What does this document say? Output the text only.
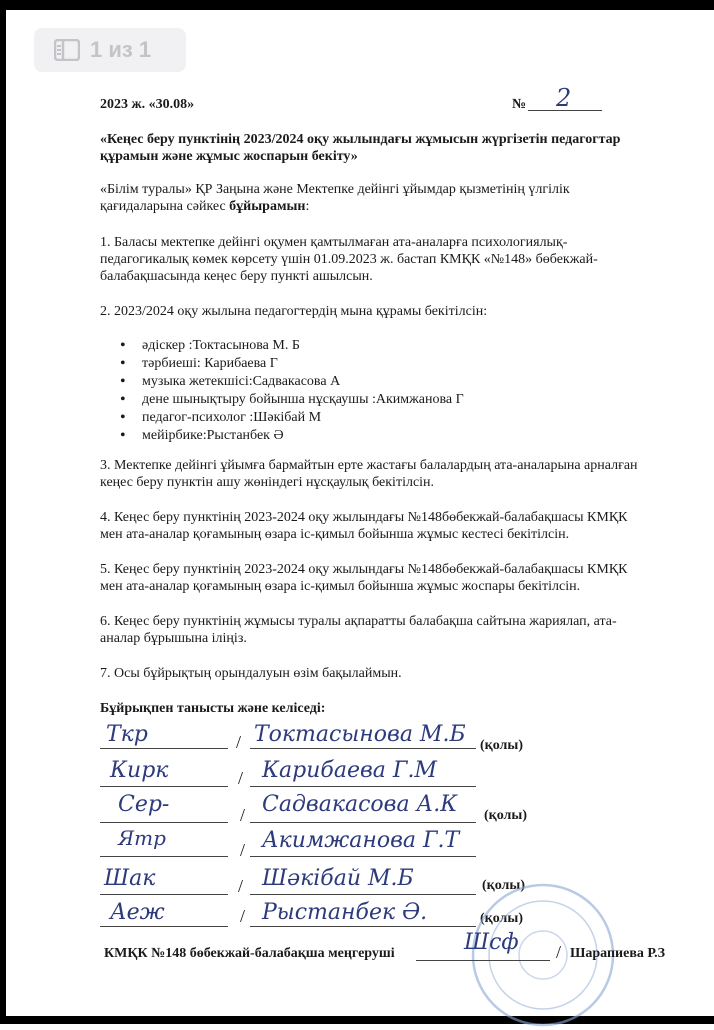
1 из 1
2023 ж. «30.08»	№ 2
«Кеңес беру пунктінің 2023/2024 оқу жылындағы жұмысын жүргізетін педагогтар
құрамын және жұмыс жоспарын бекіту»
«Білім туралы» ҚР Заңына және Мектепке дейінгі ұйымдар қызметінің үлгілік
қағидаларына сәйкес бұйырамын:
1. Баласы мектепке дейінгі оқумен қамтылмаған ата-аналарға психологиялық-
педагогикалық көмек көрсету үшін 01.09.2023 ж. бастап КМҚК «№148» бөбекжай-
балабақшасында кеңес беру пункті ашылсын.
2. 2023/2024 оқу жылына педагогтердің мына құрамы бекітілсін:
• әдіскер :Токтасынова М. Б
• тәрбиеші: Карибаева Г
• музыка жетекшісі:Садвакасова А
• дене шынықтыру бойынша нұсқаушы :Акимжанова Г
• педагог-психолог :Шәкібай М
• мейірбике:Рыстанбек Ә
3. Мектепке дейінгі ұйымға бармайтын ерте жастағы балалардың ата-аналарына арналған
кеңес беру пунктін ашу жөніндегі нұсқаулық бекітілсін.
4. Кеңес беру пунктінің 2023-2024 оқу жылындағы №148бөбекжай-балабақшасы КМҚК
мен ата-аналар қоғамының өзара іс-қимыл бойынша жұмыс кестесі бекітілсін.
5. Кеңес беру пунктінің 2023-2024 оқу жылындағы №148бөбекжай-балабақшасы КМҚК
мен ата-аналар қоғамының өзара іс-қимыл бойынша жұмыс жоспары бекітілсін.
6. Кеңес беру пунктінің жұмысы туралы ақпаратты балабақша сайтына жариялап, ата-
аналар бұрышына іліңіз.
7. Осы бұйрықтың орындалуын өзім бақылаймын.
Бұйрықпен танысты және келіседі:
Ткр	/ Токтасынова М.Б (қолы)
Кирк	/ Карибаева Г.М
Сер-	/ Садвакасова А.К (қолы)
Ятр	/ Акимжанова Г.Т
Шак	/ Шәкібай М.Б	(қолы)
Аеж	/ Рыстанбек Ә.	(қолы)
КМҚК №148 бөбекжай-балабақша меңгерушi	Шсф / Шарапиева Р.З
